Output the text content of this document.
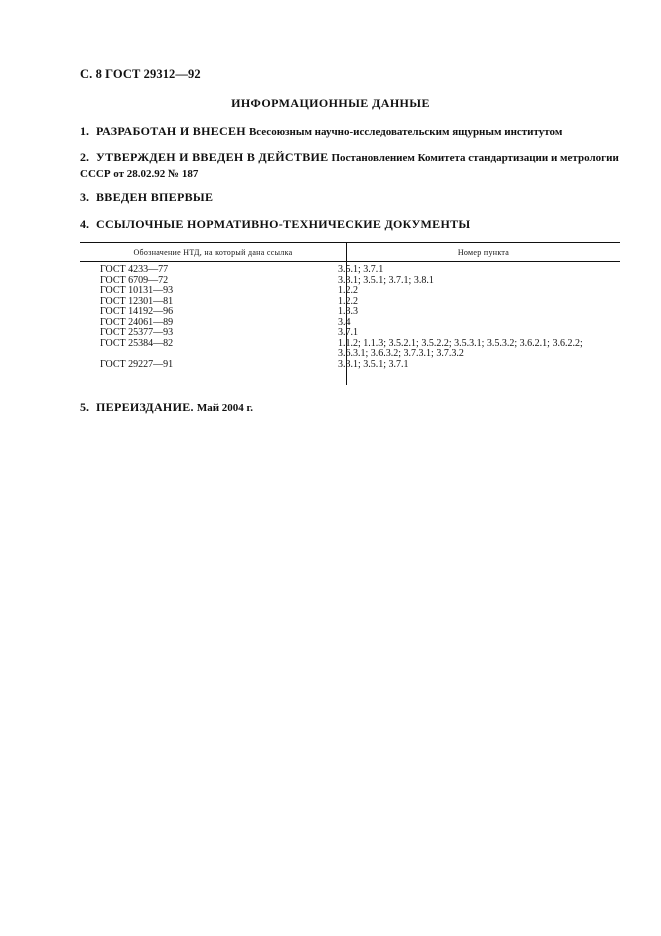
С. 8 ГОСТ 29312—92
ИНФОРМАЦИОННЫЕ ДАННЫЕ
1. РАЗРАБОТАН И ВНЕСЕН Всесоюзным научно-исследовательским ящурным институтом
2. УТВЕРЖДЕН И ВВЕДЕН В ДЕЙСТВИЕ Постановлением Комитета стандартизации и метрологии СССР от 28.02.92 № 187
3. ВВЕДЕН ВПЕРВЫЕ
4. ССЫЛОЧНЫЕ НОРМАТИВНО-ТЕХНИЧЕСКИЕ ДОКУМЕНТЫ
Обозначение НТД, на который дана ссылка	Номер пункта
ГОСТ 4233—77	3.5.1; 3.7.1
ГОСТ 6709—72	3.3.1; 3.5.1; 3.7.1; 3.8.1
ГОСТ 10131—93	1.2.2
ГОСТ 12301—81	1.2.2
ГОСТ 14192—96	1.3.3
ГОСТ 24061—89	3.4
ГОСТ 25377—93	3.7.1
ГОСТ 25384—82	1.1.2; 1.1.3; 3.5.2.1; 3.5.2.2; 3.5.3.1; 3.5.3.2; 3.6.2.1; 3.6.2.2; 3.6.3.1; 3.6.3.2; 3.7.3.1; 3.7.3.2
ГОСТ 29227—91	3.3.1; 3.5.1; 3.7.1
5. ПЕРЕИЗДАНИЕ. Май 2004 г.
